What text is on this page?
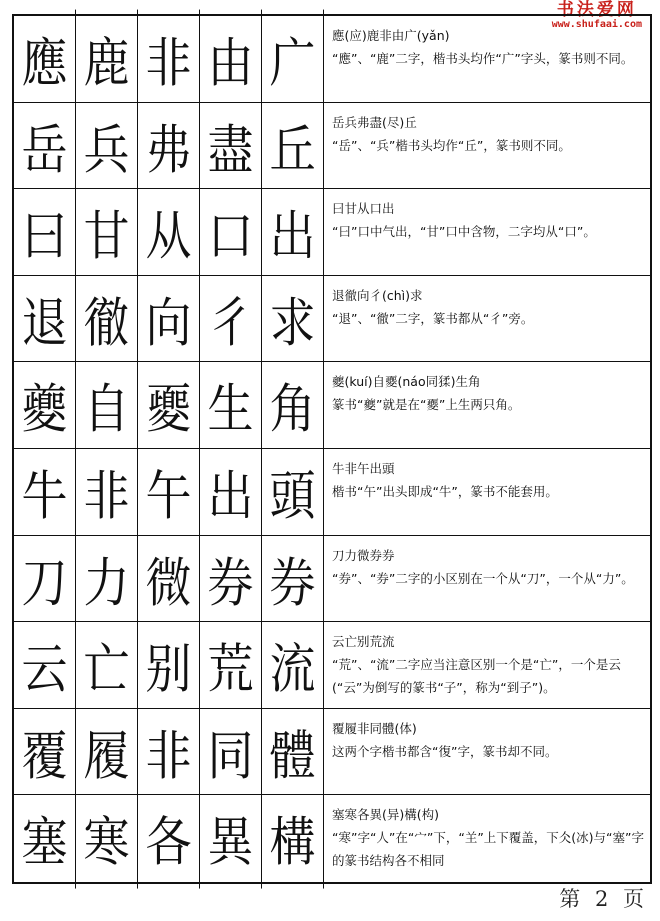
书法爱网
www.shufaai.com
應 鹿 非 由 广	應(应)鹿非由广(yǎn)
“應”、“鹿”二字，楷书头均作“广”字头，篆书则不同。
岳 兵 弗 盡 丘	岳兵弗盡(尽)丘
“岳”、“兵”楷书头均作“丘”，篆书则不同。
曰 甘 从 口 出	曰甘从口出
“曰”口中气出，“甘”口中含物，二字均从“口”。
退 徹 向 彳 求	退徹向彳(chì)求
“退”、“徹”二字，篆书都从“彳”旁。
夔 自 夒 生 角	夔(kuí)自夒(náo同猱)生角
篆书“夔”就是在“夒”上生两只角。
牛 非 午 出 頭	牛非午出頭
楷书“午”出头即成“牛”，篆书不能套用。
刀 力 微 券 券	刀力微券券
“券”、“券”二字的小区别在一个从“刀”，一个从“力”。
云 亡 别 荒 流	云亡别荒流
“荒”、“流”二字应当注意区别一个是“亡”，一个是云(“云”为倒写的篆书“子”，称为“到子”)。
覆 履 非 同 體	覆履非同體(体)
这两个字楷书都含“復”字，篆书却不同。
塞 寒 各 異 構	塞寒各異(异)構(构)
“寒”字“人”在“宀”下，“𦍌”上下覆盖，下仌(冰)与“塞”字的篆书结构各不相同
第 2 页
